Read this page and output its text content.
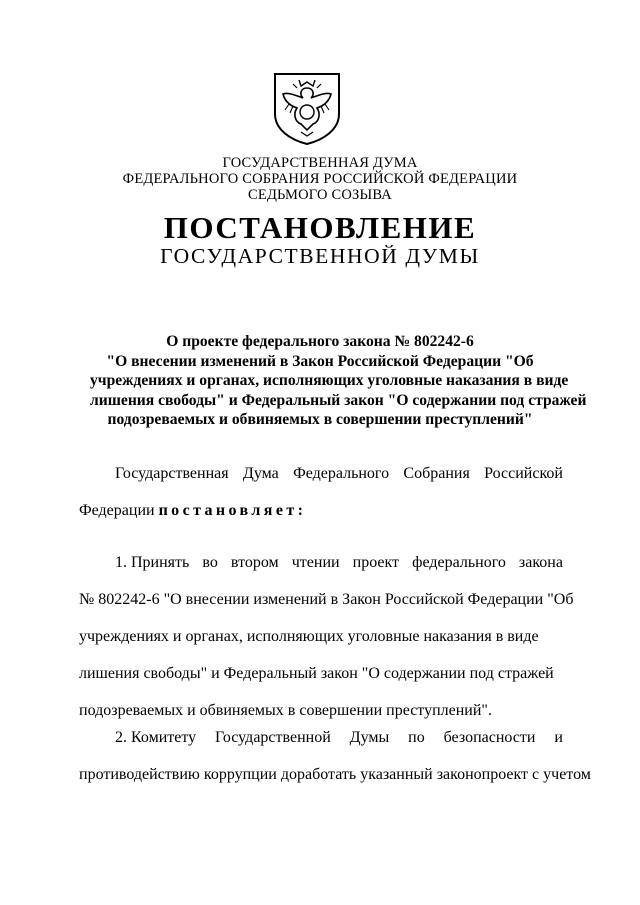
ГОСУДАРСТВЕННАЯ ДУМА
ФЕДЕРАЛЬНОГО СОБРАНИЯ РОССИЙСКОЙ ФЕДЕРАЦИИ
СЕДЬМОГО СОЗЫВА
ПОСТАНОВЛЕНИЕ
ГОСУДАРСТВЕННОЙ ДУМЫ
О проекте федерального закона № 802242-6
"О внесении изменений в Закон Российской Федерации "Об
учреждениях и органах, исполняющих уголовные наказания в виде
лишения свободы" и Федеральный закон "О содержании под стражей
подозреваемых и обвиняемых в совершении преступлений"
Государственная Дума Федерального Собрания Российской
Федерации постановляет:
1. Принять во втором чтении проект федерального закона
№ 802242-6 "О внесении изменений в Закон Российской Федерации "Об
учреждениях и органах, исполняющих уголовные наказания в виде
лишения свободы" и Федеральный закон "О содержании под стражей
подозреваемых и обвиняемых в совершении преступлений".
2. Комитету Государственной Думы по безопасности и
противодействию коррупции доработать указанный законопроект с учетом
